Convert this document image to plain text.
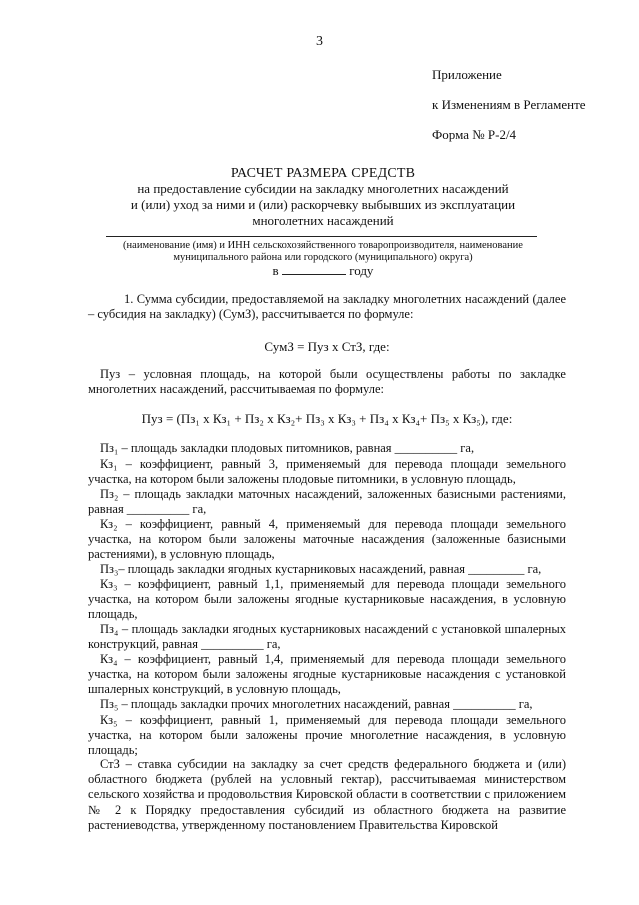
3
Приложение
к Изменениям в Регламенте
Форма № Р-2/4
РАСЧЕТ РАЗМЕРА СРЕДСТВ
на предоставление субсидии на закладку многолетних насаждений
и (или) уход за ними и (или) раскорчевку выбывших из эксплуатации
многолетних насаждений
(наименование (имя) и ИНН сельскохозяйственного товаропроизводителя, наименование
муниципального района или городского (муниципального) округа)
в	году
1. Сумма субсидии, предоставляемой на закладку многолетних насаждений (далее – субсидия на закладку) (СумЗ), рассчитывается по формуле:
СумЗ = Пуз х СтЗ, где:
Пуз – условная площадь, на которой были осуществлены работы по закладке многолетних насаждений, рассчитываемая по формуле:
Пуз = (Пз₁ х Кз₁ + Пз₂ х Кз₂+ Пз₃ х Кз₃ + Пз₄ х Кз₄+ Пз₅ х Кз₅), где:
Пз₁ – площадь закладки плодовых питомников, равная __________ га,
Кз₁ – коэффициент, равный 3, применяемый для перевода площади земельного участка, на котором были заложены плодовые питомники, в условную площадь,
Пз₂ – площадь закладки маточных насаждений, заложенных базисными растениями, равная __________ га,
Кз₂ – коэффициент, равный 4, применяемый для перевода площади земельного участка, на котором были заложены маточные насаждения (заложенные базисными растениями), в условную площадь,
Пз₃– площадь закладки ягодных кустарниковых насаждений, равная _________ га,
Кз₃ – коэффициент, равный 1,1, применяемый для перевода площади земельного участка, на котором были заложены ягодные кустарниковые насаждения, в условную площадь,
Пз₄ – площадь закладки ягодных кустарниковых насаждений с установкой шпалерных конструкций, равная __________ га,
Кз₄ – коэффициент, равный 1,4, применяемый для перевода площади земельного участка, на котором были заложены ягодные кустарниковые насаждения с установкой шпалерных конструкций, в условную площадь,
Пз₅ – площадь закладки прочих многолетних насаждений, равная __________ га,
Кз₅ – коэффициент, равный 1, применяемый для перевода площади земельного участка, на котором были заложены прочие многолетние насаждения, в условную площадь;
СтЗ – ставка субсидии на закладку за счет средств федерального бюджета и (или) областного бюджета (рублей на условный гектар), рассчитываемая министерством сельского хозяйства и продовольствия Кировской области в соответствии с приложением № 2 к Порядку предоставления субсидий из областного бюджета на развитие растениеводства, утвержденному постановлением Правительства Кировской
